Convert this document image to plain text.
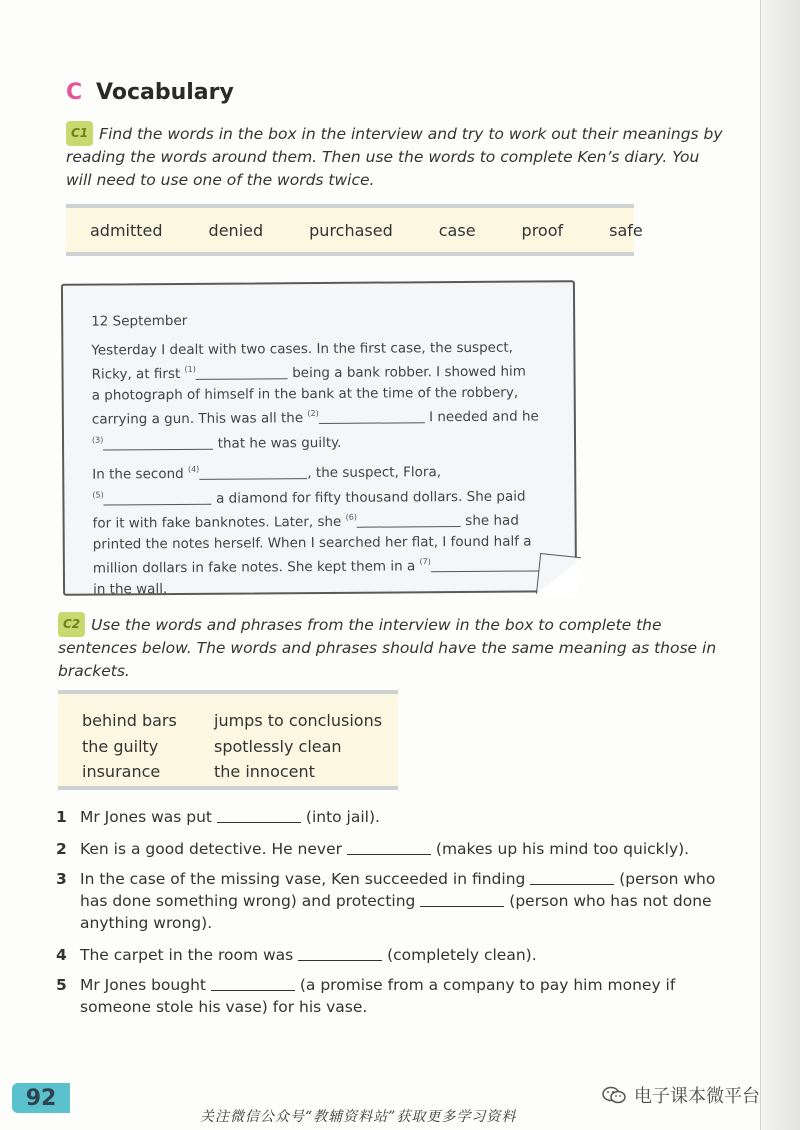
C Vocabulary
C1 Find the words in the box in the interview and try to work out their meanings by reading the words around them. Then use the words to complete Ken’s diary. You will need to use one of the words twice.
admitted	denied	purchased	case	proof	safe

12 September

Yesterday I dealt with two cases. In the first case, the suspect,

Ricky, at first $^{(1)}$	being a bank robber. I showed him

a photograph of himself in the bank at the time of the robbery,

carrying a gun. This was all the $^{(2)}$	I needed and he

$^{(3)}$	that he was guilty.

In the second $^{(4)}$	, the suspect, Flora,

$^{(5)}$	a diamond for fifty thousand dollars. She paid

for it with fake banknotes. Later, she $^{(6)}$	she had

printed the notes herself. When I searched her flat, I found half a

million dollars in fake notes. She kept them in a $^{(7)}$

in the wall.

C2 Use the words and phrases from the interview in the box to complete the sentences below. The words and phrases should have the same meaning as those in brackets.
behind bars	jumps to conclusions
the guilty	spotlessly clean
insurance	the innocent
1 Mr Jones was put	(into jail).
2 Ken is a good detective. He never	(makes up his mind too quickly).
3 In the case of the missing vase, Ken succeeded in finding	(person who has done something wrong) and protecting	(person who has not done anything wrong).
4 The carpet in the room was	(completely clean).
5 Mr Jones bought	(a promise from a company to pay him money if someone stole his vase) for his vase.
92
关注微信公众号“教辅资料站”获取更多学习资料
电子课本微平台
